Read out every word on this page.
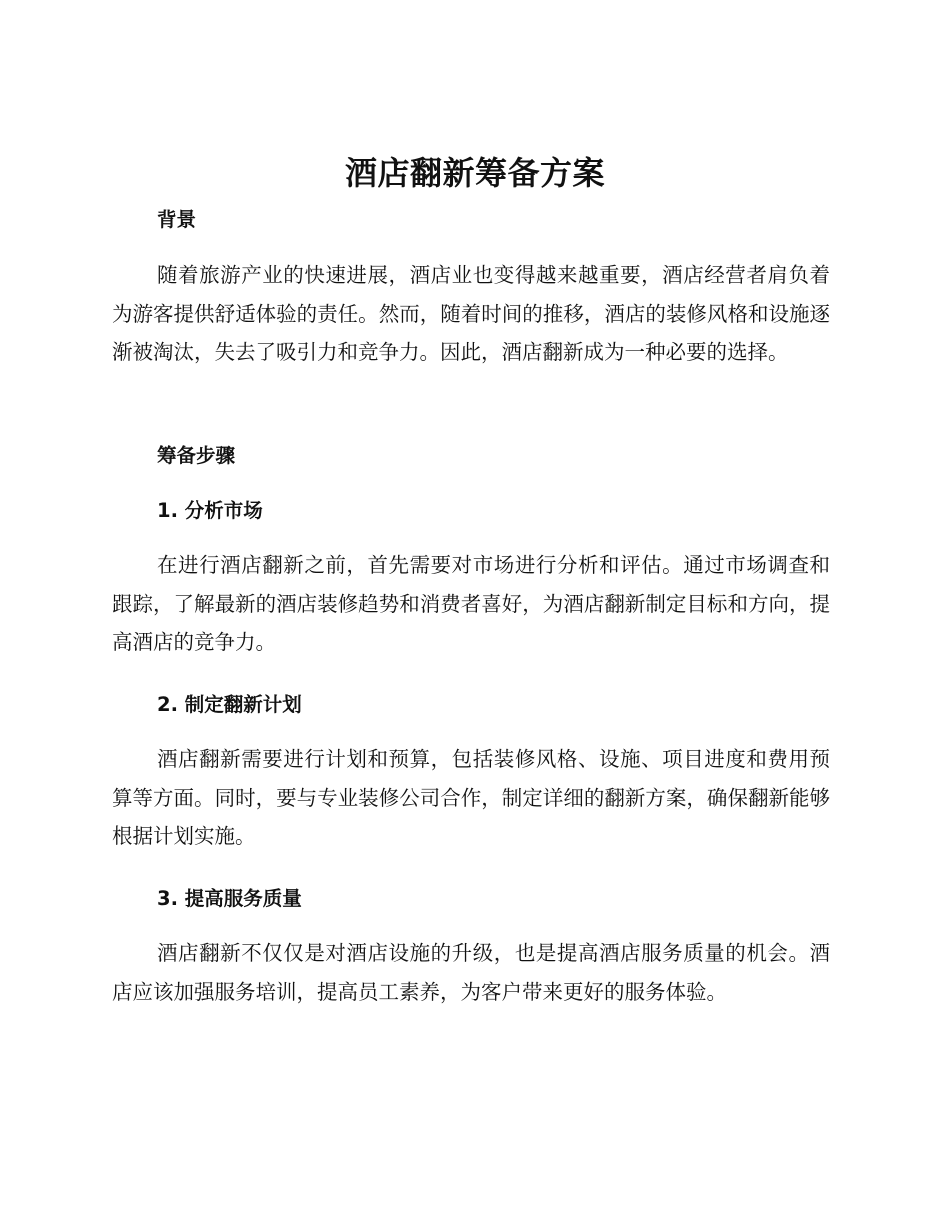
酒店翻新筹备方案
背景

随着旅游产业的快速进展，酒店业也变得越来越重要，酒店经营者肩负着为游客提供舒适体验的责任。然而，随着时间的推移，酒店的装修风格和设施逐渐被淘汰，失去了吸引力和竞争力。因此，酒店翻新成为一种必要的选择。

筹备步骤
1. 分析市场

在进行酒店翻新之前，首先需要对市场进行分析和评估。通过市场调查和跟踪，了解最新的酒店装修趋势和消费者喜好，为酒店翻新制定目标和方向，提高酒店的竞争力。

2. 制定翻新计划

酒店翻新需要进行计划和预算，包括装修风格、设施、项目进度和费用预算等方面。同时，要与专业装修公司合作，制定详细的翻新方案，确保翻新能够根据计划实施。

3. 提高服务质量

酒店翻新不仅仅是对酒店设施的升级，也是提高酒店服务质量的机会。酒店应该加强服务培训，提高员工素养，为客户带来更好的服务体验。
